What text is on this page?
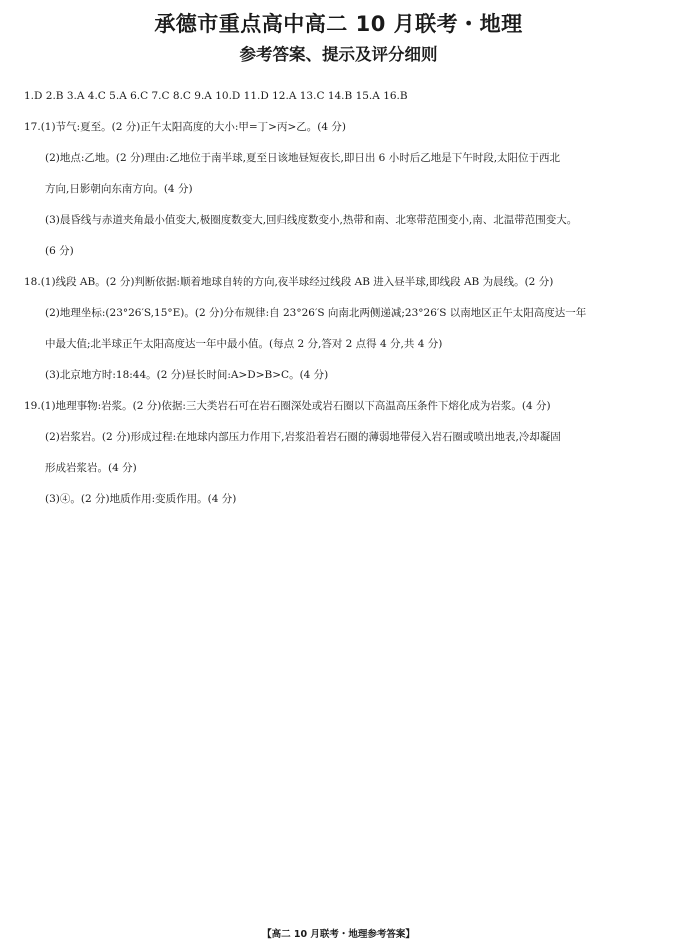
承德市重点高中高二 10 月联考・地理
参考答案、提示及评分细则

1.D 2.B 3.A 4.C 5.A 6.C 7.C 8.C 9.A 10.D 11.D 12.A 13.C 14.B 15.A 16.B

17.(1)节气:夏至。(2 分)正午太阳高度的大小:甲=丁>丙>乙。(4 分)

(2)地点:乙地。(2 分)理由:乙地位于南半球,夏至日该地昼短夜长,即日出 6 小时后乙地是下午时段,太阳位于西北

方向,日影朝向东南方向。(4 分)

(3)晨昏线与赤道夹角最小值变大,极圈度数变大,回归线度数变小,热带和南、北寒带范围变小,南、北温带范围变大。

(6 分)

18.(1)线段 AB。(2 分)判断依据:顺着地球自转的方向,夜半球经过线段 AB 进入昼半球,即线段 AB 为晨线。(2 分)

(2)地理坐标:(23°26′S,15°E)。(2 分)分布规律:自 23°26′S 向南北两侧递减;23°26′S 以南地区正午太阳高度达一年

中最大值;北半球正午太阳高度达一年中最小值。(每点 2 分,答对 2 点得 4 分,共 4 分)

(3)北京地方时:18:44。(2 分)昼长时间:A>D>B>C。(4 分)

19.(1)地理事物:岩浆。(2 分)依据:三大类岩石可在岩石圈深处或岩石圈以下高温高压条件下熔化成为岩浆。(4 分)

(2)岩浆岩。(2 分)形成过程:在地球内部压力作用下,岩浆沿着岩石圈的薄弱地带侵入岩石圈或喷出地表,冷却凝固

形成岩浆岩。(4 分)

(3)④。(2 分)地质作用:变质作用。(4 分)

【高二 10 月联考・地理参考答案】
